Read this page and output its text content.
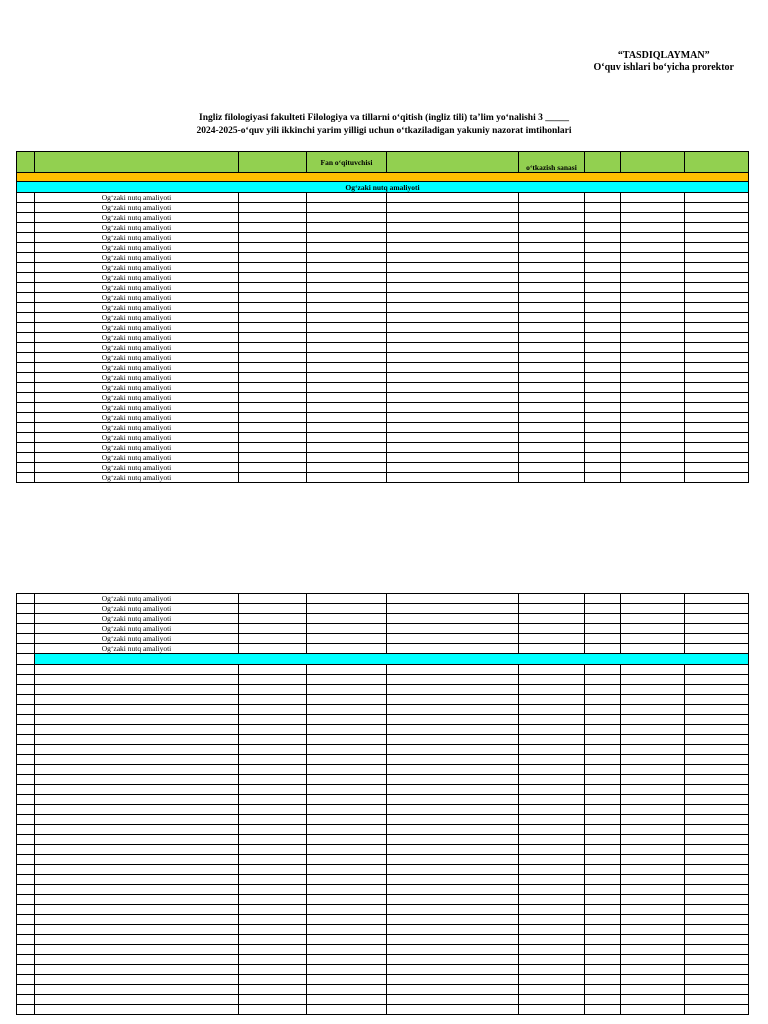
“TASDIQLAYMAN”
O‘quv ishlari bo‘yicha prorektor
Ingliz filologiyasi fakulteti Filologiya va tillarni o‘qitish (ingliz tili) ta’lim yo‘nalishi 3 _____
2024-2025-o‘quv yili ikkinchi yarim yilligi uchun o‘tkaziladigan yakuniy nazorat imtihonlari
			Fan o‘qituvchisi		o‘tkazish sanasi			

Og‘zaki nutq amaliyoti								
	Og‘zaki nutq amaliyoti							
	Og‘zaki nutq amaliyoti							
	Og‘zaki nutq amaliyoti							
	Og‘zaki nutq amaliyoti							
	Og‘zaki nutq amaliyoti							
	Og‘zaki nutq amaliyoti							
	Og‘zaki nutq amaliyoti							
	Og‘zaki nutq amaliyoti							
	Og‘zaki nutq amaliyoti							
	Og‘zaki nutq amaliyoti							
	Og‘zaki nutq amaliyoti							
	Og‘zaki nutq amaliyoti							
	Og‘zaki nutq amaliyoti							
	Og‘zaki nutq amaliyoti							
	Og‘zaki nutq amaliyoti							
	Og‘zaki nutq amaliyoti							
	Og‘zaki nutq amaliyoti							
	Og‘zaki nutq amaliyoti							
	Og‘zaki nutq amaliyoti							
	Og‘zaki nutq amaliyoti							
	Og‘zaki nutq amaliyoti							
	Og‘zaki nutq amaliyoti							
	Og‘zaki nutq amaliyoti							
	Og‘zaki nutq amaliyoti							
	Og‘zaki nutq amaliyoti							
	Og‘zaki nutq amaliyoti							
	Og‘zaki nutq amaliyoti							
	Og‘zaki nutq amaliyoti							
	Og‘zaki nutq amaliyoti							
	Og‘zaki nutq amaliyoti							
	Og‘zaki nutq amaliyoti							
	Og‘zaki nutq amaliyoti							
	Og‘zaki nutq amaliyoti							
	Og‘zaki nutq amaliyoti							
	Og‘zaki nutq amaliyoti							
